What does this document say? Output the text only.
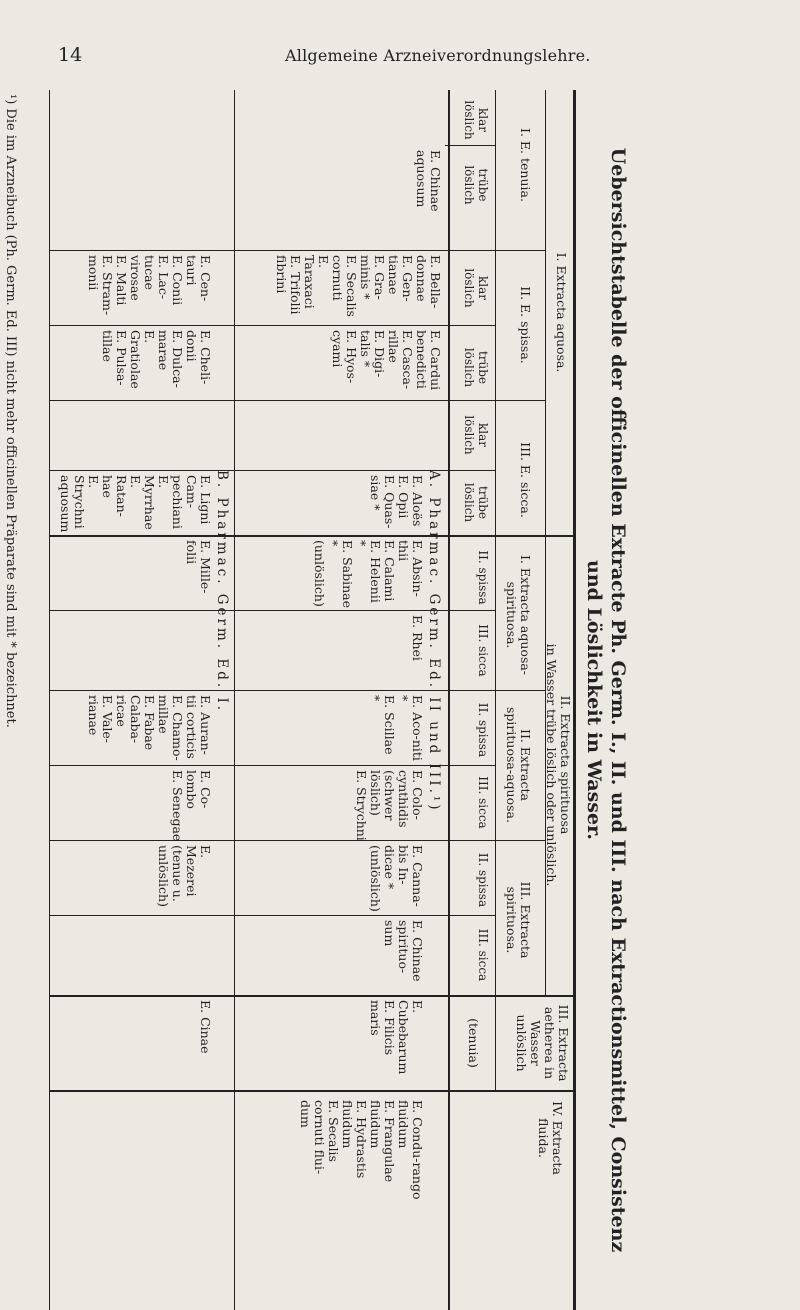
14	Allgemeine Arzneiverordnungslehre.
Uebersichtstabelle der officinellen Extracte Ph. Germ. I., II. und III. nach Extractionsmittel, Consistenz
und Löslichkeit in Wasser.
I. Extracta aquosa.
II. Extracta spirituosa
in Wasser trübe löslich oder unlöslich.
III. Extracta aetherea in Wasser unlöslich
IV. Extracta fluida.
I. E. tenuia.
II. E. spissa.
III. E. sicca.
I. Extracta aquosa-spirituosa.
II. Extracta spirituosa-aquosa.
III. Extracta spirituosa.
(tenuia)
klar löslich
trübe löslich
klar löslich
trübe löslich
klar löslich
trübe löslich
II. spissa
III. sicca
II. spissa
III. sicca
II. spissa
III. sicca
A. Pharmac. Germ. Ed. II und III.¹)
B. Pharmac. Germ. Ed. I.
E. Chinae aquosum
E. Bella-donnae
E. Gen-tianae
E. Gra-minis *
E. Secalis cornuti
E. Taraxaci
E. Trifolii fibrini
E. Cardui benedicti
E. Casca-rillae
E. Digi-talis *
E. Hyos-cyami
E. Aloës
E. Opii
E. Quas-siae *
E. Absin-thii
E. Calami
E. Helenii *
E. Sabinae * (unlöslich)
E. Rhei
E. Aco-niti *
E. Scillae *
E. Colo-cynthidis (schwer löslich)
E. Strychni
E. Canna-bis In-dicae * (unlöslich)
E. Chinae spirituo-sum
E. Cubebarum
E. Filicis maris
E. Condu-rango fluidum
E. Frangulae fluidum
E. Hydrastis fluidum
E. Secalis cornuti flui-dum
E. Cen-tauri
E. Conii
E. Lac-tucae virosae
E. Malti
E. Stram-monii
E. Cheli-donii
E. Dulca-marae
E. Gratiolae
E. Pulsa-tillae
E. Ligni Cam-pechiani
E. Myrrhae
E. Ratan-hae
E. Strychni aquosum
E. Mille-folii
E. Auran-tii corticis
E. Chamo-millae
E. Fabae Calaba-ricae
E. Vale-rianae
E. Co-lombo
E. Senegae
E. Mezerei (tenue u. unlöslich)
E. Cinae
¹) Die im Arzneibuch (Ph. Germ. Ed. III) nicht mehr officinellen Präparate sind mit * bezeichnet.
